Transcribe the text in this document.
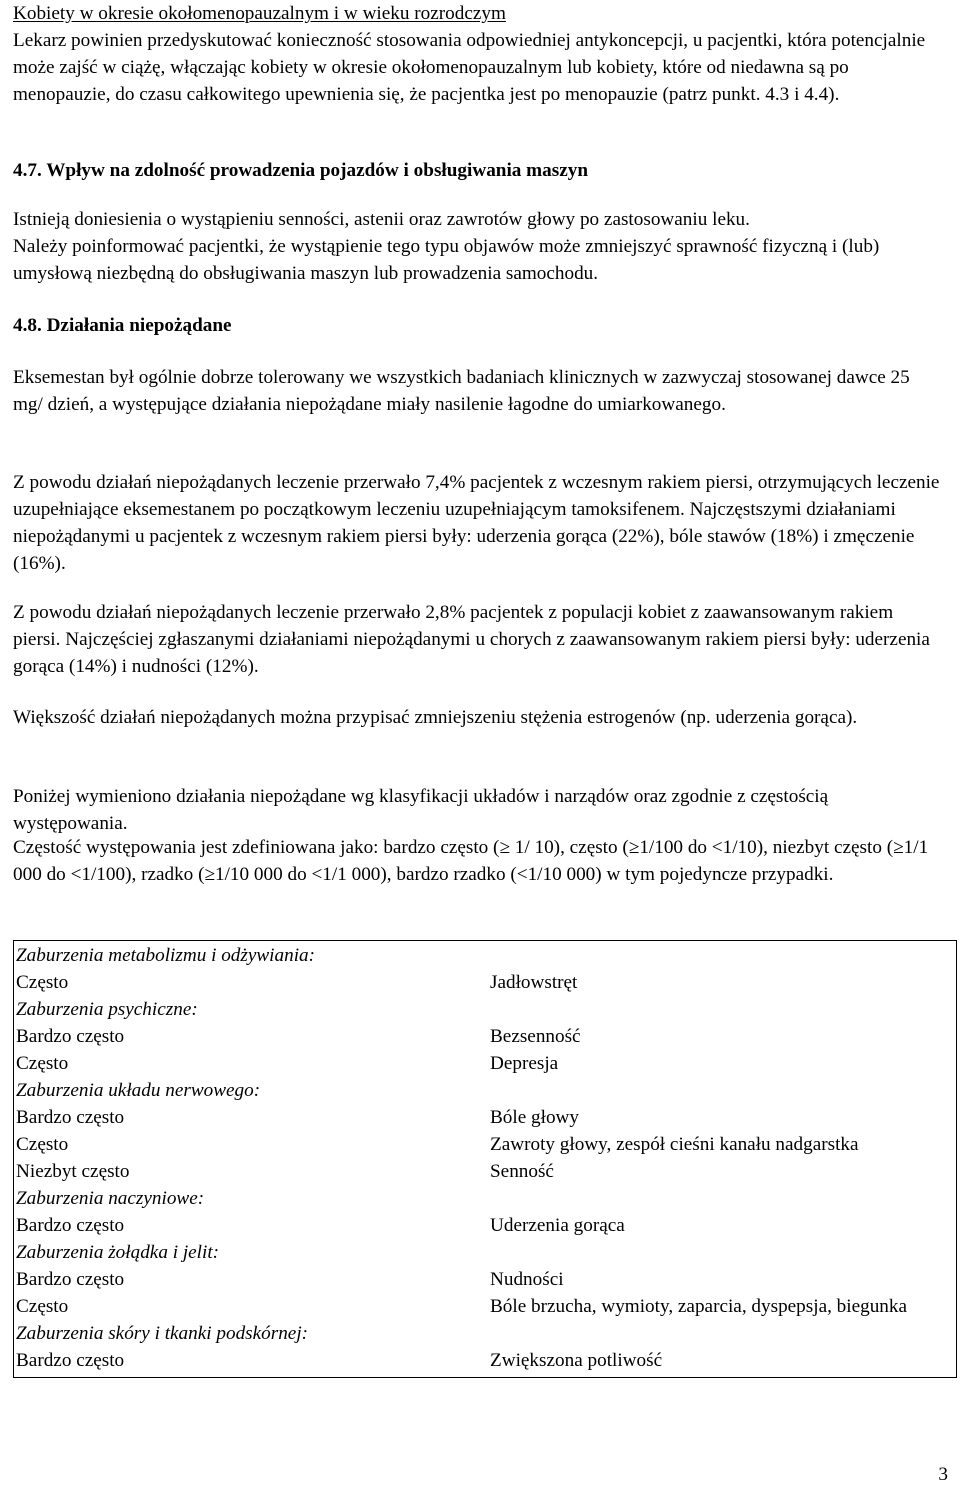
Kobiety w okresie okołomenopauzalnym i w wieku rozrodczym

Lekarz powinien przedyskutować konieczność stosowania odpowiedniej antykoncepcji, u pacjentki, która potencjalnie może zajść w ciążę, włączając kobiety w okresie okołomenopauzalnym lub kobiety, które od niedawna są po menopauzie, do czasu całkowitego upewnienia się, że pacjentka jest po menopauzie (patrz punkt. 4.3 i 4.4).

4.7. Wpływ na zdolność prowadzenia pojazdów i obsługiwania maszyn

Istnieją doniesienia o wystąpieniu senności, astenii oraz zawrotów głowy po zastosowaniu leku.

Należy poinformować pacjentki, że wystąpienie tego typu objawów może zmniejszyć sprawność fizyczną i (lub) umysłową niezbędną do obsługiwania maszyn lub prowadzenia samochodu.

4.8. Działania niepożądane

Eksemestan był ogólnie dobrze tolerowany we wszystkich badaniach klinicznych w zazwyczaj stosowanej dawce 25 mg/ dzień, a występujące działania niepożądane miały nasilenie łagodne do umiarkowanego.

Z powodu działań niepożądanych leczenie przerwało 7,4% pacjentek z wczesnym rakiem piersi, otrzymujących leczenie uzupełniające eksemestanem po początkowym leczeniu uzupełniającym tamoksifenem. Najczęstszymi działaniami niepożądanymi u pacjentek z wczesnym rakiem piersi były: uderzenia gorąca (22%), bóle stawów (18%) i zmęczenie (16%).

Z powodu działań niepożądanych leczenie przerwało 2,8% pacjentek z populacji kobiet z zaawansowanym rakiem piersi. Najczęściej zgłaszanymi działaniami niepożądanymi u chorych z zaawansowanym rakiem piersi były: uderzenia gorąca (14%) i nudności (12%).

Większość działań niepożądanych można przypisać zmniejszeniu stężenia estrogenów (np. uderzenia gorąca).

Poniżej wymieniono działania niepożądane wg klasyfikacji układów i narządów oraz zgodnie z częstością występowania.

Częstość występowania jest zdefiniowana jako: bardzo często (≥ 1/ 10), często (≥1/100 do <1/10), niezbyt często (≥1/1 000 do <1/100), rzadko (≥1/10 000 do <1/1 000), bardzo rzadko (<1/10 000) w tym pojedyncze przypadki.

Zaburzenia metabolizmu i odżywiania:	
Często	Jadłowstręt
Zaburzenia psychiczne:	
Bardzo często	Bezsenność
Często	Depresja
Zaburzenia układu nerwowego:	
Bardzo często	Bóle głowy
Często	Zawroty głowy, zespół cieśni kanału nadgarstka
Niezbyt często	Senność
Zaburzenia naczyniowe:	
Bardzo często	Uderzenia gorąca
Zaburzenia żołądka i jelit:	
Bardzo często	Nudności
Często	Bóle brzucha, wymioty, zaparcia, dyspepsja, biegunka
Zaburzenia skóry i tkanki podskórnej:	
Bardzo często	Zwiększona potliwość
3
